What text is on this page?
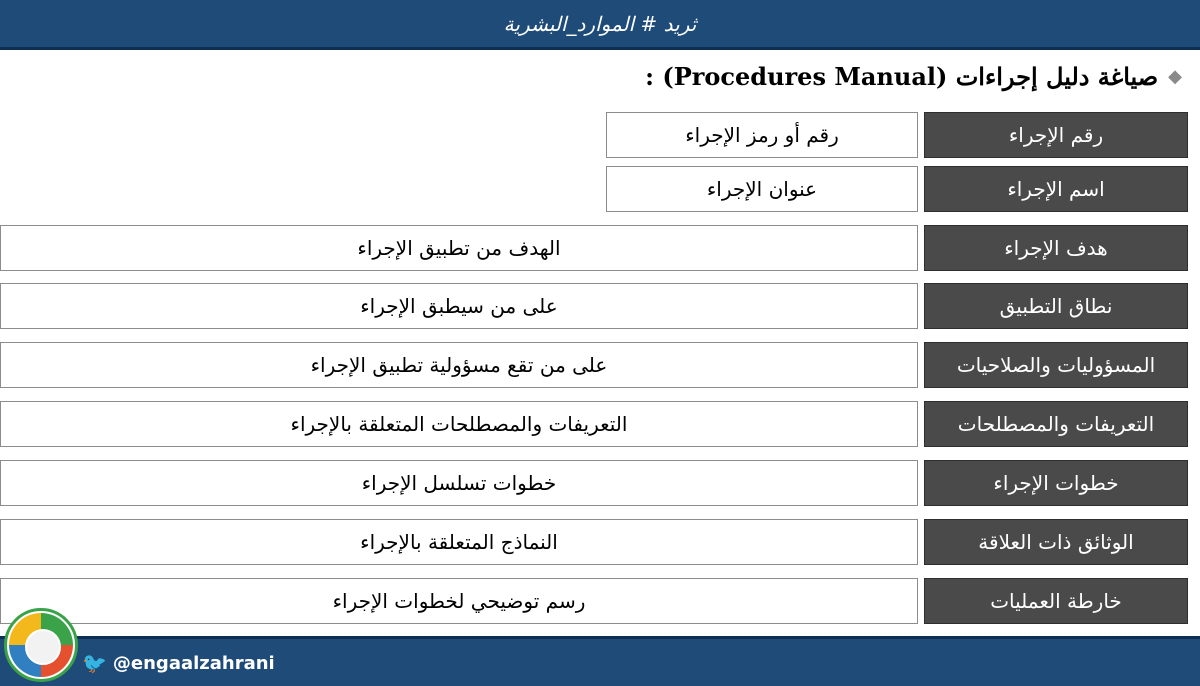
ثريد # الموارد_البشرية
◆
صياغة دليل إجراءات (Procedures Manual) :
رقم الإجراء
رقم أو رمز الإجراء
اسم الإجراء
عنوان الإجراء
هدف الإجراء
الهدف من تطبيق الإجراء
نطاق التطبيق
على من سيطبق الإجراء
المسؤوليات والصلاحيات
على من تقع مسؤولية تطبيق الإجراء
التعريفات والمصطلحات
التعريفات والمصطلحات المتعلقة بالإجراء
خطوات الإجراء
خطوات تسلسل الإجراء
الوثائق ذات العلاقة
النماذج المتعلقة بالإجراء
خارطة العمليات
رسم توضيحي لخطوات الإجراء
🐦 @engaalzahrani
